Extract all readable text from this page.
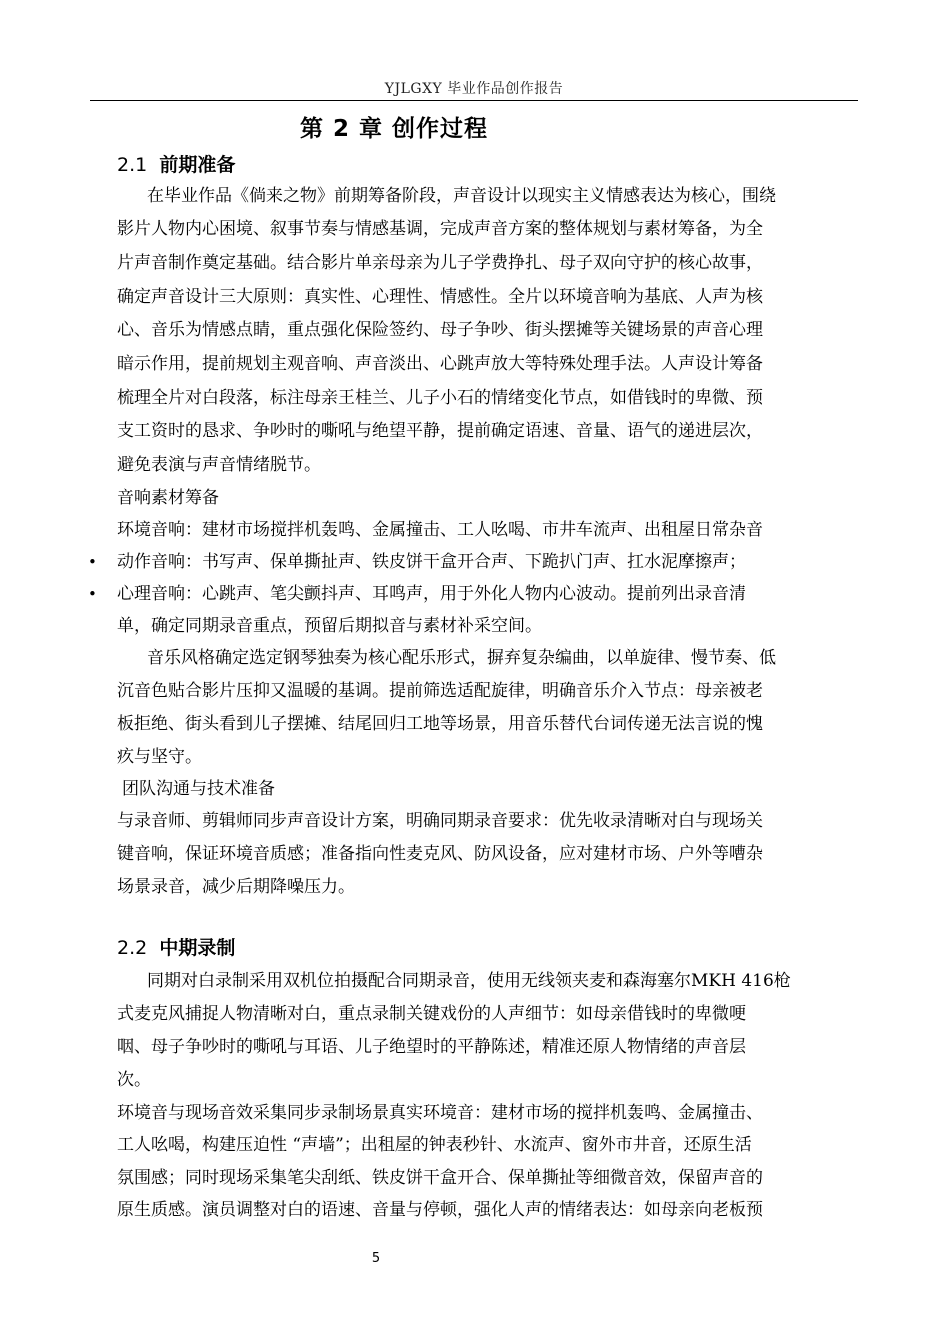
YJLGXY 毕业作品创作报告
第 2 章 创作过程
2.1 前期准备
在毕业作品《倘来之物》前期筹备阶段，声音设计以现实主义情感表达为核心，围绕
影片人物内心困境、叙事节奏与情感基调，完成声音方案的整体规划与素材筹备，为全
片声音制作奠定基础。结合影片单亲母亲为儿子学费挣扎、母子双向守护的核心故事，
确定声音设计三大原则：真实性、心理性、情感性。全片以环境音响为基底、人声为核
心、音乐为情感点睛，重点强化保险签约、母子争吵、街头摆摊等关键场景的声音心理
暗示作用，提前规划主观音响、声音淡出、心跳声放大等特殊处理手法。人声设计筹备
梳理全片对白段落，标注母亲王桂兰、儿子小石的情绪变化节点，如借钱时的卑微、预
支工资时的恳求、争吵时的嘶吼与绝望平静，提前确定语速、音量、语气的递进层次，
避免表演与声音情绪脱节。
音响素材筹备
环境音响：建材市场搅拌机轰鸣、金属撞击、工人吆喝、市井车流声、出租屋日常杂音
• 动作音响：书写声、保单撕扯声、铁皮饼干盒开合声、下跪扒门声、扛水泥摩擦声；
• 心理音响：心跳声、笔尖颤抖声、耳鸣声，用于外化人物内心波动。提前列出录音清
单，确定同期录音重点，预留后期拟音与素材补采空间。
音乐风格确定选定钢琴独奏为核心配乐形式，摒弃复杂编曲，以单旋律、慢节奏、低
沉音色贴合影片压抑又温暖的基调。提前筛选适配旋律，明确音乐介入节点：母亲被老
板拒绝、街头看到儿子摆摊、结尾回归工地等场景，用音乐替代台词传递无法言说的愧
疚与坚守。
团队沟通与技术准备
与录音师、剪辑师同步声音设计方案，明确同期录音要求：优先收录清晰对白与现场关
键音响，保证环境音质感；准备指向性麦克风、防风设备，应对建材市场、户外等嘈杂
场景录音，减少后期降噪压力。
2.2 中期录制
同期对白录制采用双机位拍摄配合同期录音，使用无线领夹麦和森海塞尔MKH 416枪
式麦克风捕捉人物清晰对白，重点录制关键戏份的人声细节：如母亲借钱时的卑微哽
咽、母子争吵时的嘶吼与耳语、儿子绝望时的平静陈述，精准还原人物情绪的声音层
次。
环境音与现场音效采集同步录制场景真实环境音：建材市场的搅拌机轰鸣、金属撞击、
工人吆喝，构建压迫性 “声墙”；出租屋的钟表秒针、水流声、窗外市井音，还原生活
氛围感；同时现场采集笔尖刮纸、铁皮饼干盒开合、保单撕扯等细微音效，保留声音的
原生质感。演员调整对白的语速、音量与停顿，强化人声的情绪表达：如母亲向老板预
5
